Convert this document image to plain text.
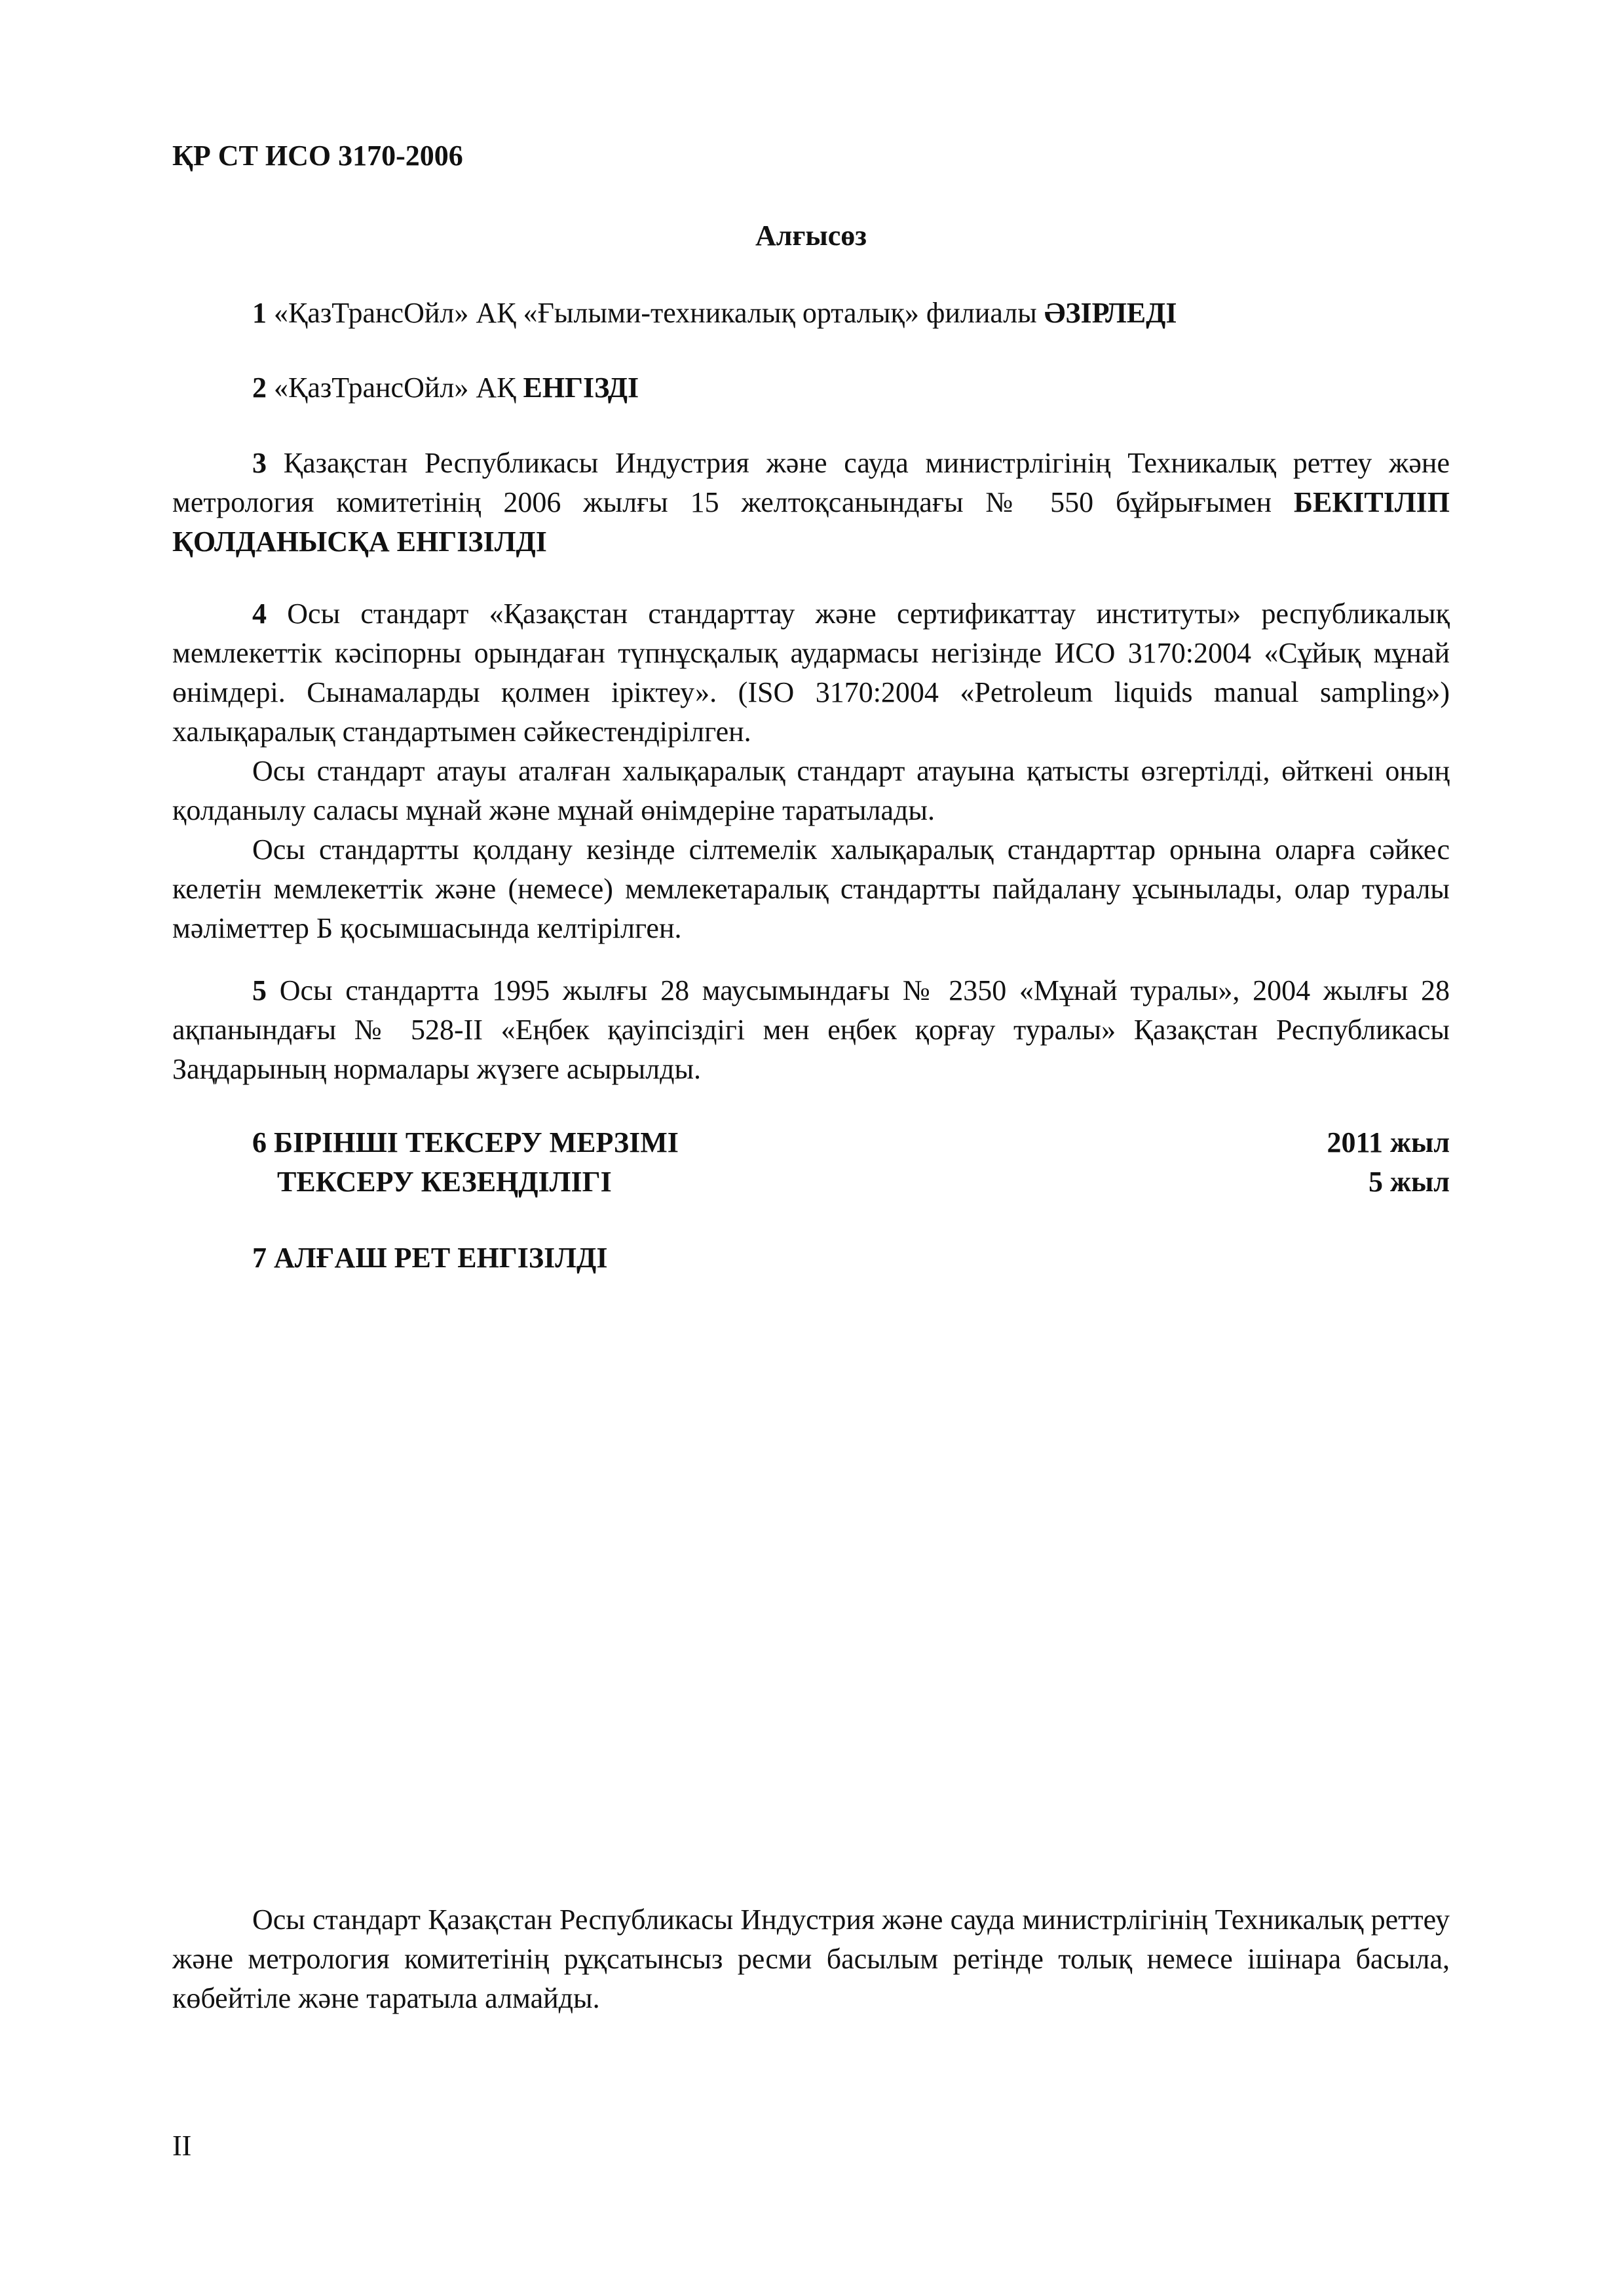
ҚР СТ ИСО 3170-2006
Алғысөз

1 «ҚазТрансОйл» АҚ «Ғылыми-техникалық орталық» филиалы ӘЗІРЛЕДІ

2 «ҚазТрансОйл» АҚ ЕНГІЗДІ

3 Қазақстан Республикасы Индустрия және сауда министрлігінің Техникалық реттеу және метрология комитетінің 2006 жылғы 15 желтоқсанындағы № 550 бұйрығымен БЕКІТІЛІП ҚОЛДАНЫСҚА ЕНГІЗІЛДІ

4 Осы стандарт «Қазақстан стандарттау және сертификаттау институты» республикалық мемлекеттік кәсіпорны орындаған түпнұсқалық аудармасы негізінде ИСО 3170:2004 «Сұйық мұнай өнімдері. Сынамаларды қолмен іріктеу». (ISO 3170:2004 «Petroleum liquids manual sampling») халықаралық стандартымен сәйкестендірілген.

Осы стандарт атауы аталған халықаралық стандарт атауына қатысты өзгертілді, өйткені оның қолданылу саласы мұнай және мұнай өнімдеріне таратылады.

Осы стандартты қолдану кезінде сілтемелік халықаралық стандарттар орнына оларға сәйкес келетін мемлекеттік және (немесе) мемлекетаралық стандартты пайдалану ұсынылады, олар туралы мәліметтер Б қосымшасында келтірілген.

5 Осы стандартта 1995 жылғы 28 маусымындағы № 2350 «Мұнай туралы», 2004 жылғы 28 ақпанындағы № 528-II «Еңбек қауіпсіздігі мен еңбек қорғау туралы» Қазақстан Республикасы Заңдарының нормалары жүзеге асырылды.

6 БІРІНШІ ТЕКСЕРУ МЕРЗІМІ	2011 жыл
ТЕКСЕРУ КЕЗЕҢДІЛІГІ	5 жыл
7 АЛҒАШ РЕТ ЕНГІЗІЛДІ

Осы стандарт Қазақстан Республикасы Индустрия және сауда министрлігінің Техникалық реттеу және метрология комитетінің рұқсатынсыз ресми басылым ретінде толық немесе ішінара басыла, көбейтіле және таратыла алмайды.

II
